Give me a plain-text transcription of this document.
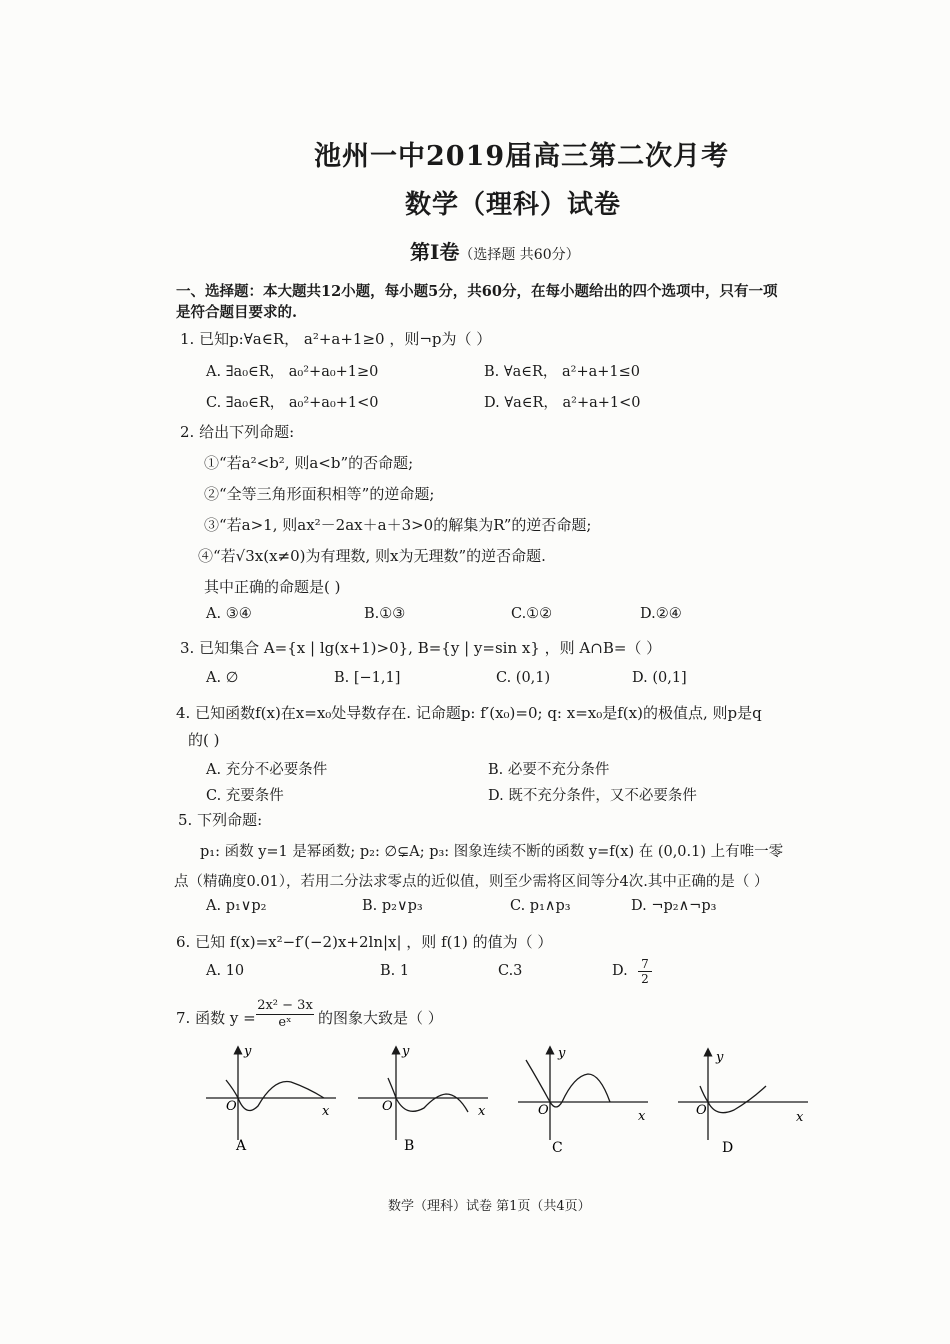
池州一中2019届高三第二次月考
数学（理科）试卷
第Ⅰ卷（选择题 共60分）
一、选择题：本大题共12小题，每小题5分，共60分，在每小题给出的四个选项中，只有一项
是符合题目要求的.
1. 已知p:∀a∈R， a²+a+1≥0 ，则¬p为（ ）
A. ∃a₀∈R， a₀²+a₀+1≥0	B. ∀a∈R， a²+a+1≤0
C. ∃a₀∈R， a₀²+a₀+1<0	D. ∀a∈R， a²+a+1<0
2. 给出下列命题:
①“若a²<b², 则a<b”的否命题;
②“全等三角形面积相等”的逆命题;
③“若a>1, 则ax²－2ax＋a＋3>0的解集为R”的逆否命题;
④“若√3x(x≠0)为有理数, 则x为无理数”的逆否命题.
其中正确的命题是( )
A. ③④	B.①③	C.①②	D.②④
3. 已知集合 A={x | lg(x+1)>0}, B={y | y=sin x} ，则 A∩B=（ ）
A. ∅	B. [−1,1]	C. (0,1)	D. (0,1]
4. 已知函数f(x)在x=x₀处导数存在. 记命题p: f′(x₀)=0; q: x=x₀是f(x)的极值点, 则p是q
的( )
A. 充分不必要条件	B. 必要不充分条件
C. 充要条件	D. 既不充分条件，又不必要条件
5. 下列命题:
p₁: 函数 y=1 是幂函数; p₂: ∅⊊A; p₃: 图象连续不断的函数 y=f(x) 在 (0,0.1) 上有唯一零
点（精确度0.01），若用二分法求零点的近似值，则至少需将区间等分4次.其中正确的是（ ）
A. p₁∨p₂	B. p₂∨p₃	C. p₁∧p₃	D. ¬p₂∧¬p₃
6. 已知 f(x)=x²−f′(−2)x+2ln|x| ，则 f(1) 的值为（ ）
A. 10	B. 1	C.3	D. $\frac{7}{2}$
7. 函数 $y = \frac{\text{2x² − 3x}}{\text{eˣ}}$ 的图象大致是（ ）
y
x
O
A
y
x
O
B
y
x
O
C
y
x
O
D
数学（理科）试卷 第1页（共4页）
